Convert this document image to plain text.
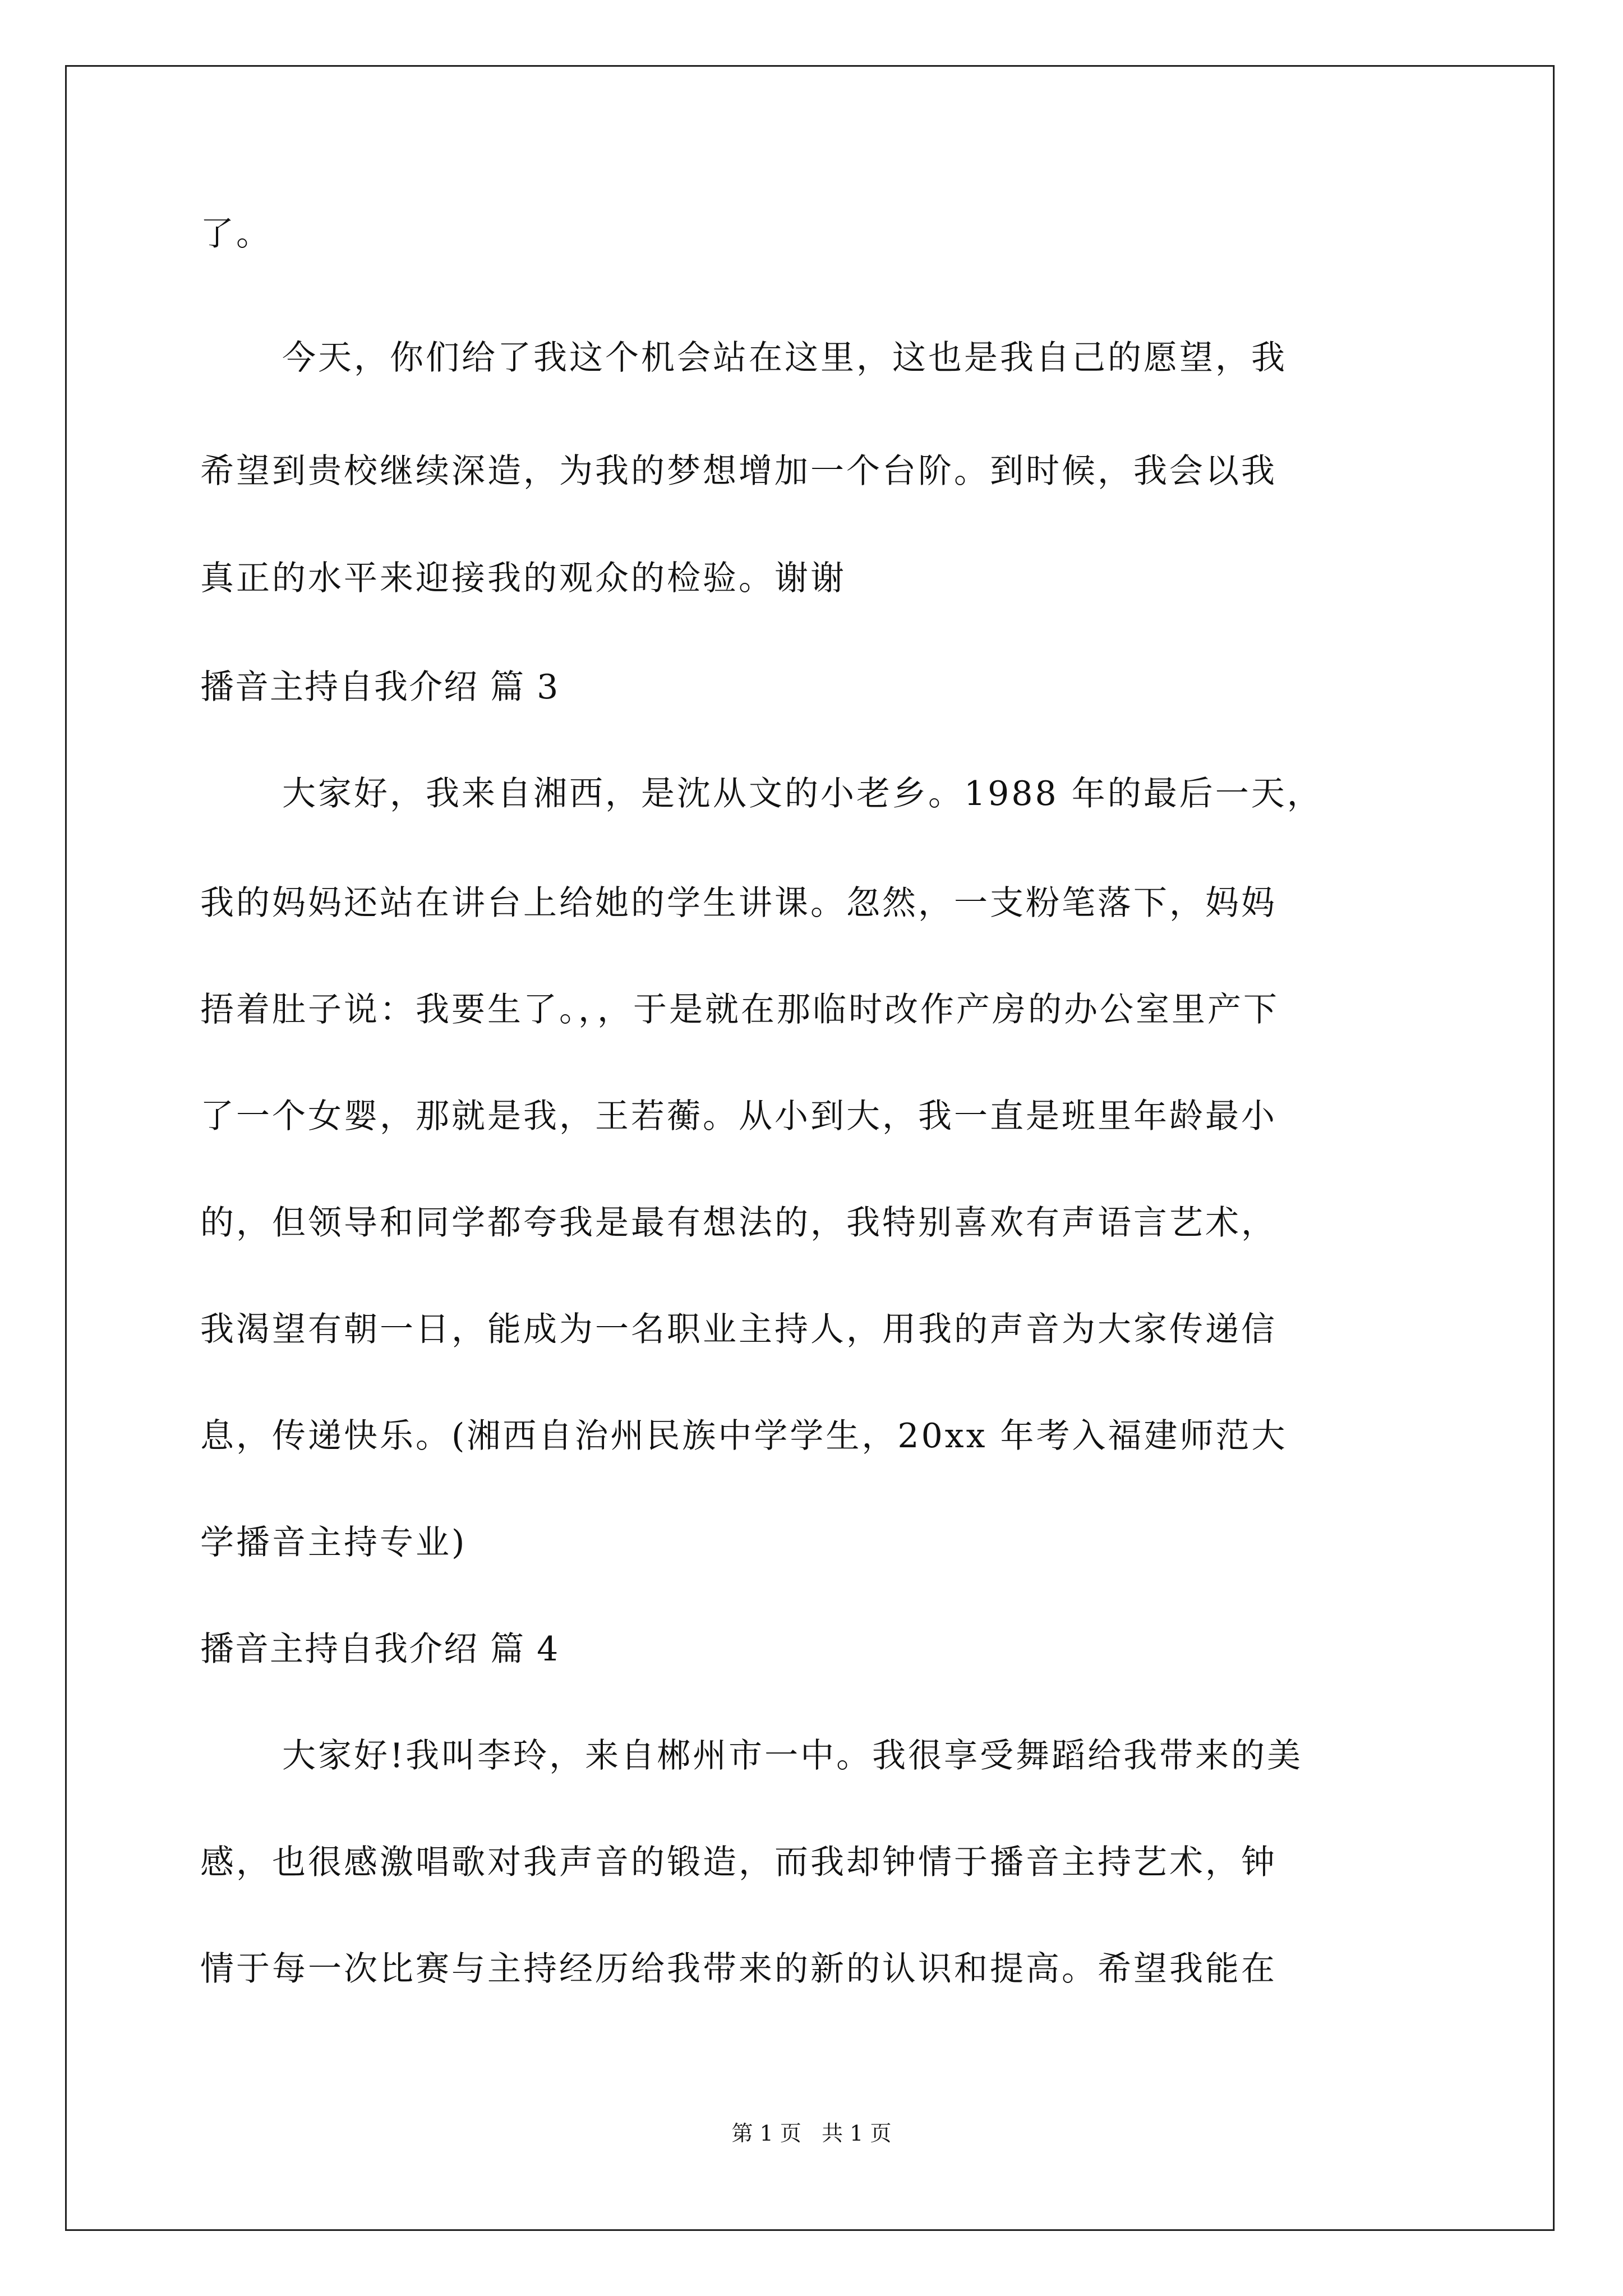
了。
今天，你们给了我这个机会站在这里，这也是我自己的愿望，我
希望到贵校继续深造，为我的梦想增加一个台阶。到时候，我会以我
真正的水平来迎接我的观众的检验。谢谢
播音主持自我介绍 篇 3
大家好，我来自湘西，是沈从文的小老乡。1988 年的最后一天，
我的妈妈还站在讲台上给她的学生讲课。忽然，一支粉笔落下，妈妈
捂着肚子说：我要生了。，，于是就在那临时改作产房的办公室里产下
了一个女婴，那就是我，王若蘅。从小到大，我一直是班里年龄最小
的，但领导和同学都夸我是最有想法的，我特别喜欢有声语言艺术，
我渴望有朝一日，能成为一名职业主持人，用我的声音为大家传递信
息，传递快乐。(湘西自治州民族中学学生，20xx 年考入福建师范大
学播音主持专业)
播音主持自我介绍 篇 4
大家好!我叫李玲，来自郴州市一中。我很享受舞蹈给我带来的美
感，也很感激唱歌对我声音的锻造，而我却钟情于播音主持艺术，钟
情于每一次比赛与主持经历给我带来的新的认识和提高。希望我能在
第 1 页   共 1 页
